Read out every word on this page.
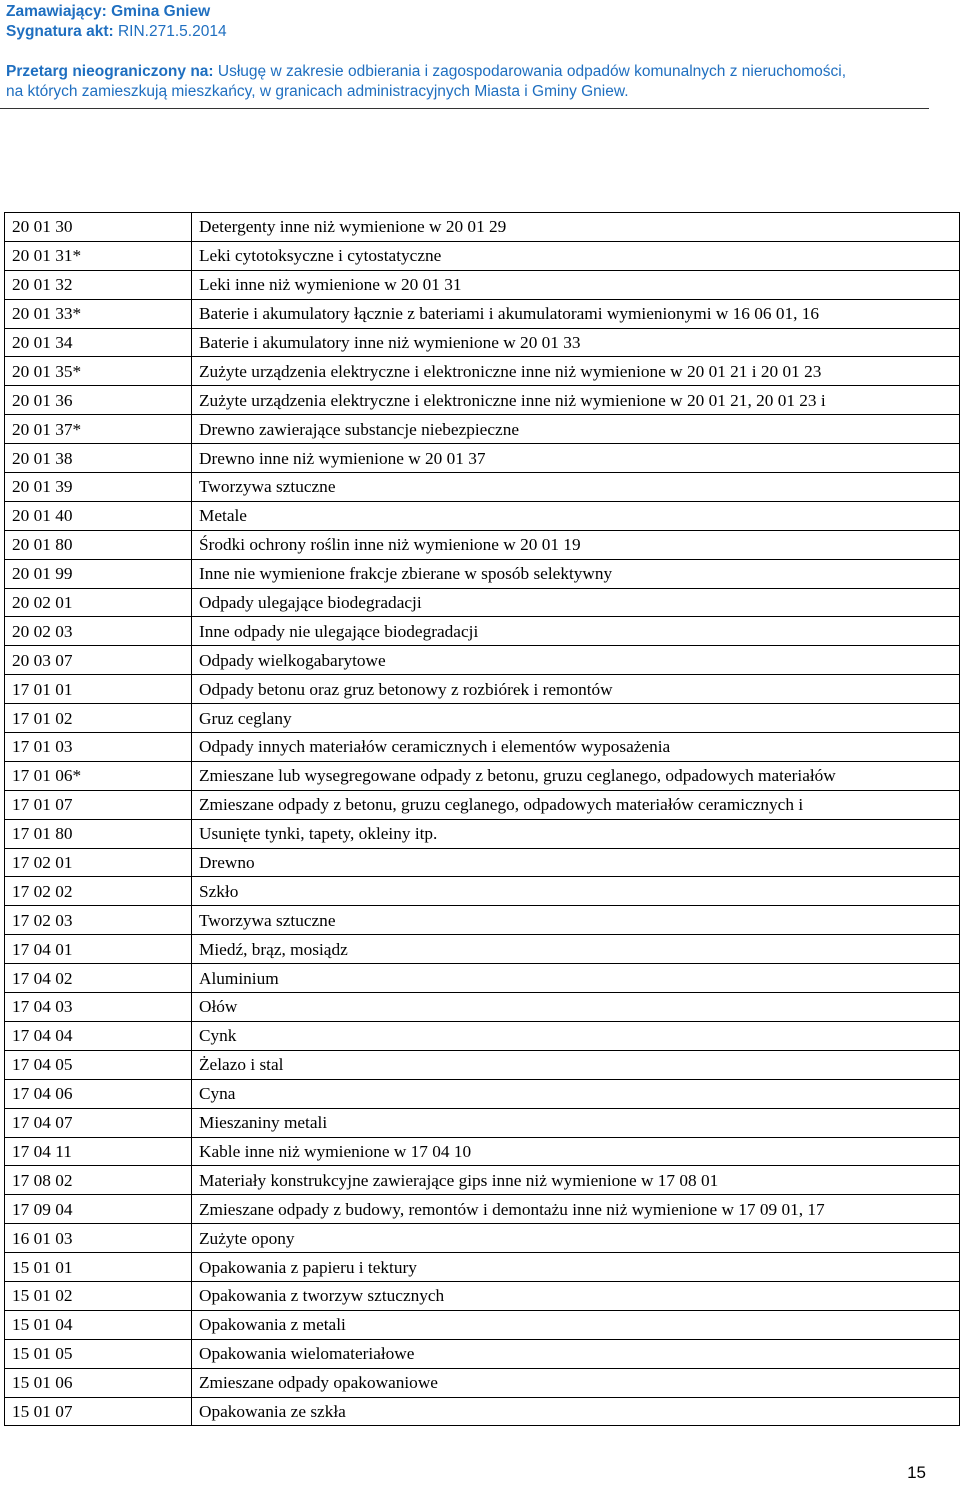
Zamawiający: Gmina Gniew
Sygnatura akt: RIN.271.5.2014
Przetarg nieograniczony na: Usługę w zakresie odbierania i zagospodarowania odpadów komunalnych z nieruchomości,
na których zamieszkują mieszkańcy, w granicach administracyjnych Miasta i Gminy Gniew.
20 01 30	Detergenty inne niż wymienione w 20 01 29
20 01 31*	Leki cytotoksyczne i cytostatyczne
20 01 32	Leki inne niż wymienione w 20 01 31
20 01 33*	Baterie i akumulatory łącznie z bateriami i akumulatorami wymienionymi w 16 06 01, 16
20 01 34	Baterie i akumulatory inne niż wymienione w 20 01 33
20 01 35*	Zużyte urządzenia elektryczne i elektroniczne inne niż wymienione w 20 01 21 i 20 01 23
20 01 36	Zużyte urządzenia elektryczne i elektroniczne inne niż wymienione w 20 01 21, 20 01 23 i
20 01 37*	Drewno zawierające substancje niebezpieczne
20 01 38	Drewno inne niż wymienione w 20 01 37
20 01 39	Tworzywa sztuczne
20 01 40	Metale
20 01 80	Środki ochrony roślin inne niż wymienione w 20 01 19
20 01 99	Inne nie wymienione frakcje zbierane w sposób selektywny
20 02 01	Odpady ulegające biodegradacji
20 02 03	Inne odpady nie ulegające biodegradacji
20 03 07	Odpady wielkogabarytowe
17 01 01	Odpady betonu oraz gruz betonowy z rozbiórek i remontów
17 01 02	Gruz ceglany
17 01 03	Odpady innych materiałów ceramicznych i elementów wyposażenia
17 01 06*	Zmieszane lub wysegregowane odpady z betonu, gruzu ceglanego, odpadowych materiałów
17 01 07	Zmieszane odpady z betonu, gruzu ceglanego, odpadowych materiałów ceramicznych i
17 01 80	Usunięte tynki, tapety, okleiny itp.
17 02 01	Drewno
17 02 02	Szkło
17 02 03	Tworzywa sztuczne
17 04 01	Miedź, brąz, mosiądz
17 04 02	Aluminium
17 04 03	Ołów
17 04 04	Cynk
17 04 05	Żelazo i stal
17 04 06	Cyna
17 04 07	Mieszaniny metali
17 04 11	Kable inne niż wymienione w 17 04 10
17 08 02	Materiały konstrukcyjne zawierające gips inne niż wymienione w 17 08 01
17 09 04	Zmieszane odpady z budowy, remontów i demontażu inne niż wymienione w 17 09 01, 17
16 01 03	Zużyte opony
15 01 01	Opakowania z papieru i tektury
15 01 02	Opakowania z tworzyw sztucznych
15 01 04	Opakowania z metali
15 01 05	Opakowania wielomateriałowe
15 01 06	Zmieszane odpady opakowaniowe
15 01 07	Opakowania ze szkła
15
